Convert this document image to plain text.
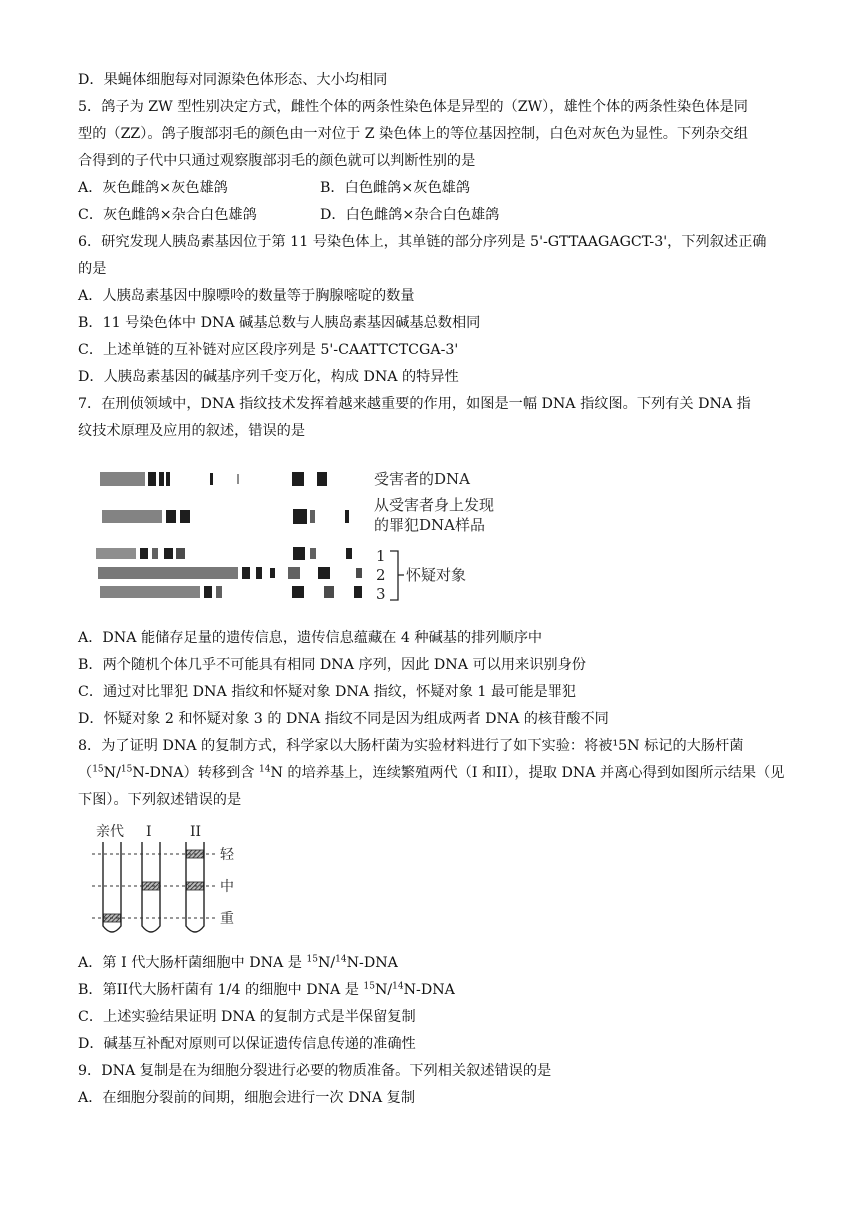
D．果蝇体细胞每对同源染色体形态、大小均相同
5．鸽子为 ZW 型性别决定方式，雌性个体的两条性染色体是异型的（ZW），雄性个体的两条性染色体是同
型的（ZZ）。鸽子腹部羽毛的颜色由一对位于 Z 染色体上的等位基因控制，白色对灰色为显性。下列杂交组
合得到的子代中只通过观察腹部羽毛的颜色就可以判断性别的是
A．灰色雌鸽×灰色雄鸽	B．白色雌鸽×灰色雄鸽
C．灰色雌鸽×杂合白色雄鸽	D．白色雌鸽×杂合白色雄鸽
6．研究发现人胰岛素基因位于第 11 号染色体上，其单链的部分序列是 5'-GTTAAGAGCT-3'，下列叙述正确
的是
A．人胰岛素基因中腺嘌呤的数量等于胸腺嘧啶的数量
B．11 号染色体中 DNA 碱基总数与人胰岛素基因碱基总数相同
C．上述单链的互补链对应区段序列是 5'-CAATTCTCGA-3'
D．人胰岛素基因的碱基序列千变万化，构成 DNA 的特异性
7．在刑侦领域中，DNA 指纹技术发挥着越来越重要的作用，如图是一幅 DNA 指纹图。下列有关 DNA 指
纹技术原理及应用的叙述，错误的是
受害者的DNA
从受害者身上发现
的罪犯DNA样品
1
2
3
怀疑对象
A．DNA 能储存足量的遗传信息，遗传信息蕴藏在 4 种碱基的排列顺序中
B．两个随机个体几乎不可能具有相同 DNA 序列，因此 DNA 可以用来识别身份
C．通过对比罪犯 DNA 指纹和怀疑对象 DNA 指纹，怀疑对象 1 最可能是罪犯
D．怀疑对象 2 和怀疑对象 3 的 DNA 指纹不同是因为组成两者 DNA 的核苷酸不同
8．为了证明 DNA 的复制方式，科学家以大肠杆菌为实验材料进行了如下实验：将被¹5N 标记的大肠杆菌
（$^{15}$N/$^{15}$N-DNA）转移到含 $^{14}$N 的培养基上，连续繁殖两代（I 和II），提取 DNA 并离心得到如图所示结果（见
下图）。下列叙述错误的是
亲代 I	II
轻
中
重
A．第 I 代大肠杆菌细胞中 DNA 是 $^{15}$N/$^{14}$N-DNA
B．第II代大肠杆菌有 1/4 的细胞中 DNA 是 $^{15}$N/$^{14}$N-DNA
C．上述实验结果证明 DNA 的复制方式是半保留复制
D．碱基互补配对原则可以保证遗传信息传递的准确性
9．DNA 复制是在为细胞分裂进行必要的物质准备。下列相关叙述错误的是
A．在细胞分裂前的间期，细胞会进行一次 DNA 复制
